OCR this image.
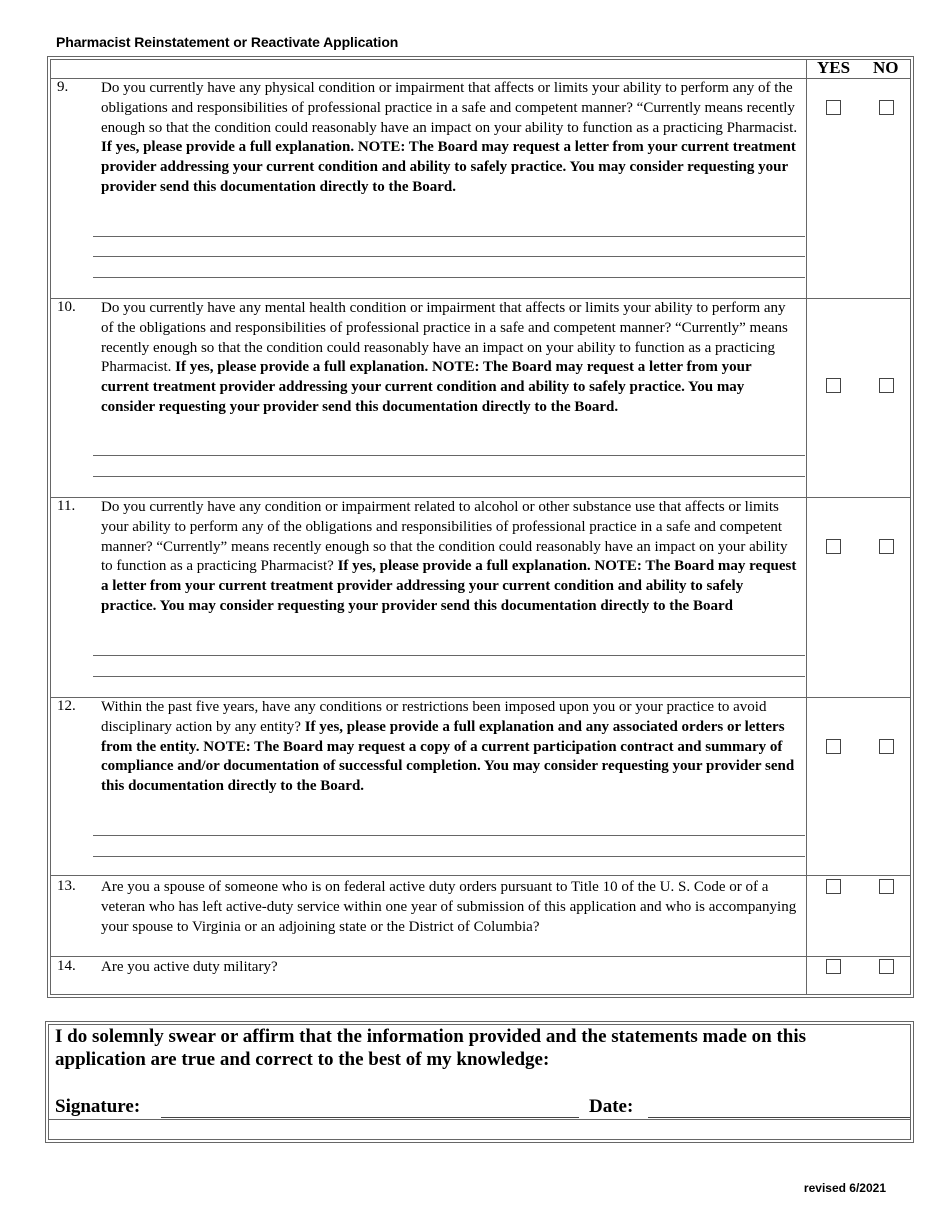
Pharmacist Reinstatement or Reactivate Application
YES NO
9. Do you currently have any physical condition or impairment that affects or limits your ability to perform any of the obligations and responsibilities of professional practice in a safe and competent manner? “Currently means recently enough so that the condition could reasonably have an impact on your ability to function as a practicing Pharmacist. If yes, please provide a full explanation. NOTE: The Board may request a letter from your current treatment provider addressing your current condition and ability to safely practice. You may consider requesting your provider send this documentation directly to the Board.
10. Do you currently have any mental health condition or impairment that affects or limits your ability to perform any of the obligations and responsibilities of professional practice in a safe and competent manner? “Currently” means recently enough so that the condition could reasonably have an impact on your ability to function as a practicing Pharmacist. If yes, please provide a full explanation. NOTE: The Board may request a letter from your current treatment provider addressing your current condition and ability to safely practice. You may consider requesting your provider send this documentation directly to the Board.
11. Do you currently have any condition or impairment related to alcohol or other substance use that affects or limits your ability to perform any of the obligations and responsibilities of professional practice in a safe and competent manner? “Currently” means recently enough so that the condition could reasonably have an impact on your ability to function as a practicing Pharmacist? If yes, please provide a full explanation. NOTE: The Board may request a letter from your current treatment provider addressing your current condition and ability to safely practice. You may consider requesting your provider send this documentation directly to the Board
12. Within the past five years, have any conditions or restrictions been imposed upon you or your practice to avoid disciplinary action by any entity? If yes, please provide a full explanation and any associated orders or letters from the entity. NOTE: The Board may request a copy of a current participation contract and summary of compliance and/or documentation of successful completion. You may consider requesting your provider send this documentation directly to the Board.
13. Are you a spouse of someone who is on federal active duty orders pursuant to Title 10 of the U. S. Code or of a veteran who has left active-duty service within one year of submission of this application and who is accompanying your spouse to Virginia or an adjoining state or the District of Columbia?
14. Are you active duty military?
I do solemnly swear or affirm that the information provided and the statements made on this application are true and correct to the best of my knowledge:
Signature:	Date:
revised 6/2021
